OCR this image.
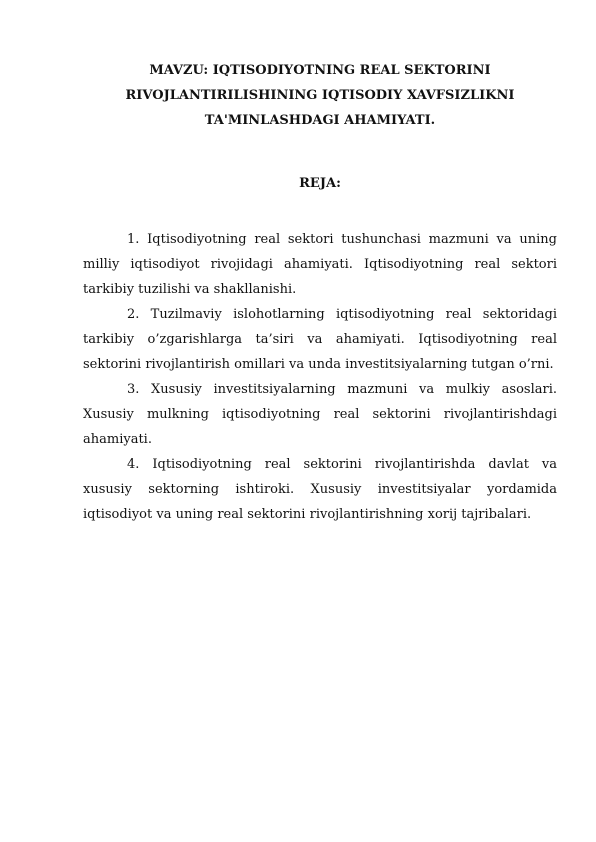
MAVZU: IQTISODIYOTNING REAL SEKTORINI
RIVOJLANTIRILISHINING IQTISODIY XAVFSIZLIKNI
TA'MINLASHDAGI AHAMIYATI.
REJA:

1. Iqtisodiyotning real sektori tushunchasi mazmuni va uning milliy iqtisodiyot rivojidagi ahamiyati. Iqtisodiyotning real sektori tarkibiy tuzilishi va shakllanishi.

2. Tuzilmaviy islohotlarning iqtisodiyotning real sektoridagi tarkibiy o’zgarishlarga ta’siri va ahamiyati. Iqtisodiyotning real sektorini rivojlantirish omillari va unda investitsiyalarning tutgan o’rni.

3. Xususiy investitsiyalarning mazmuni va mulkiy asoslari. Xususiy mulkning iqtisodiyotning real sektorini rivojlantirishdagi ahamiyati.

4. Iqtisodiyotning real sektorini rivojlantirishda davlat va xususiy sektorning ishtiroki. Xususiy investitsiyalar yordamida iqtisodiyot va uning real sektorini rivojlantirishning xorij tajribalari.
